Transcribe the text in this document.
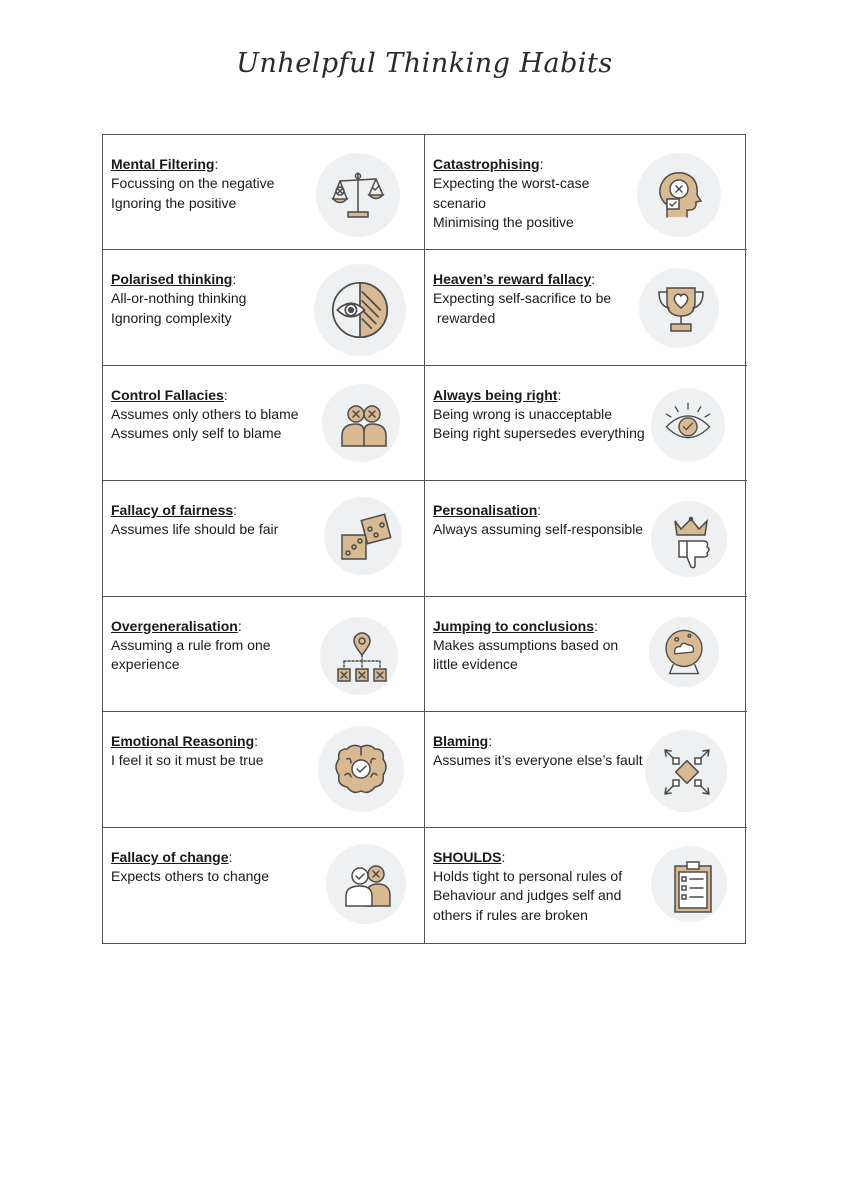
Unhelpful Thinking Habits
Mental Filtering:
Focussing on the negative
Ignoring the positive
Catastrophising:
Expecting the worst-case
scenario
Minimising the positive
Polarised thinking:
All-or-nothing thinking
Ignoring complexity
Heaven’s reward fallacy:
Expecting self-sacrifice to be
rewarded
Control Fallacies:
Assumes only others to blame
Assumes only self to blame
Always being right:
Being wrong is unacceptable
Being right supersedes everything
Fallacy of fairness:
Assumes life should be fair
Personalisation:
Always assuming self-responsible
Overgeneralisation:
Assuming a rule from one
experience
Jumping to conclusions:
Makes assumptions based on
little evidence
Emotional Reasoning:
I feel it so it must be true
Blaming:
Assumes it’s everyone else’s fault
Fallacy of change:
Expects others to change
SHOULDS:
Holds tight to personal rules of
Behaviour and judges self and
others if rules are broken
